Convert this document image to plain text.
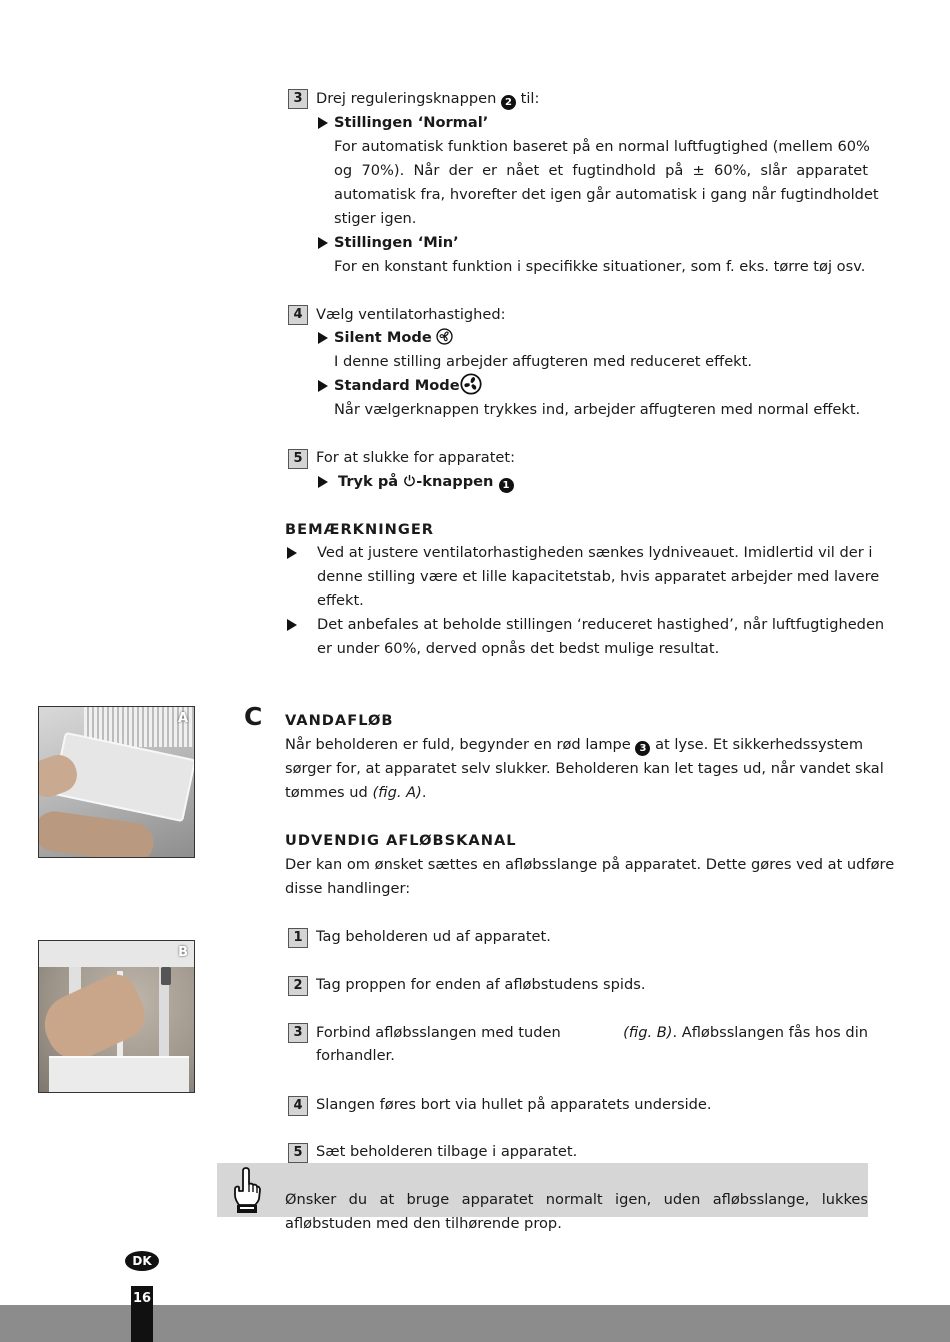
3 Drej reguleringsknappen 2 til:
Stillingen ‘Normal’
For automatisk funktion baseret på en normal luftfugtighed (mellem 60%
og 70%). Når der er nået et fugtindhold på ± 60%, slår apparatet
automatisk fra, hvorefter det igen går automatisk i gang når fugtindholdet
stiger igen.
Stillingen ‘Min’
For en konstant funktion i specifikke situationer, som f. eks. tørre tøj osv.
4 Vælg ventilatorhastighed:
Silent Mode
I denne stilling arbejder affugteren med reduceret effekt.
Standard Mode
Når vælgerknappen trykkes ind, arbejder affugteren med normal effekt.
5 For at slukke for apparatet:
Tryk på -knappen 1
BEMÆRKNINGER
Ved at justere ventilatorhastigheden sænkes lydniveauet. Imidlertid vil der i
denne stilling være et lille kapacitetstab, hvis apparatet arbejder med lavere
effekt.
Det anbefales at beholde stillingen ‘reduceret hastighed’, når luftfugtigheden
er under 60%, derved opnås det bedst mulige resultat.
A C VANDAFLØB
Når beholderen er fuld, begynder en rød lampe 3 at lyse. Et sikkerhedssystem
sørger for, at apparatet selv slukker. Beholderen kan let tages ud, når vandet skal
tømmes ud (fig. A).
UDVENDIG AFLØBSKANAL
Der kan om ønsket sættes en afløbsslange på apparatet. Dette gøres ved at udføre
disse handlinger:
B
1 Tag beholderen ud af apparatet.
2 Tag proppen for enden af afløbstudens spids.
3 Forbind afløbsslangen med tuden	(fig. B). Afløbsslangen fås hos din
forhandler.
4 Slangen føres bort via hullet på apparatets underside.
5 Sæt beholderen tilbage i apparatet.
Ønsker du at bruge apparatet normalt igen, uden afløbsslange, lukkes
afløbstuden med den tilhørende prop.
DK
16
